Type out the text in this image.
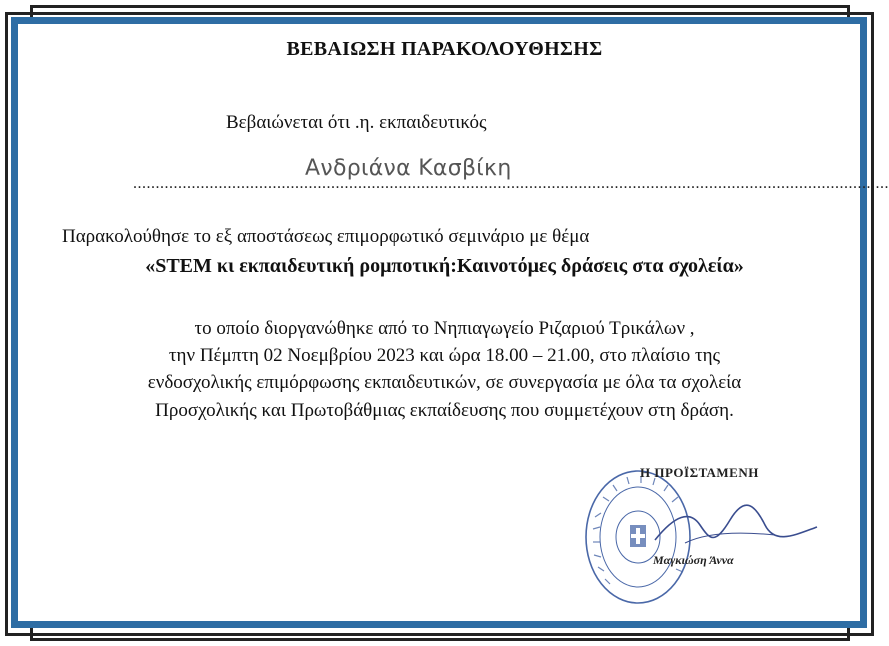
ΒΕΒΑΙΩΣΗ ΠΑΡΑΚΟΛΟΥΘΗΣΗΣ
Βεβαιώνεται ότι .η. εκπαιδευτικός
........................................................................................................................................................................
Ανδριάνα Κασβίκη
Παρακολούθησε το εξ αποστάσεως επιμορφωτικό σεμινάριο με θέμα
«STEM κι εκπαιδευτική ρομποτική:Καινοτόμες δράσεις στα σχολεία»
το οποίο διοργανώθηκε από το Νηπιαγωγείο Ριζαριού Τρικάλων ,
την Πέμπτη 02 Νοεμβρίου 2023 και ώρα 18.00 – 21.00, στο πλαίσιο της
ενδοσχολικής επιμόρφωσης εκπαιδευτικών, σε συνεργασία με όλα τα σχολεία
Προσχολικής και Πρωτοβάθμιας εκπαίδευσης που συμμετέχουν στη δράση.
Η ΠΡΟΪΣΤΑΜΕΝΗ
Μαγκιώση Άννα
